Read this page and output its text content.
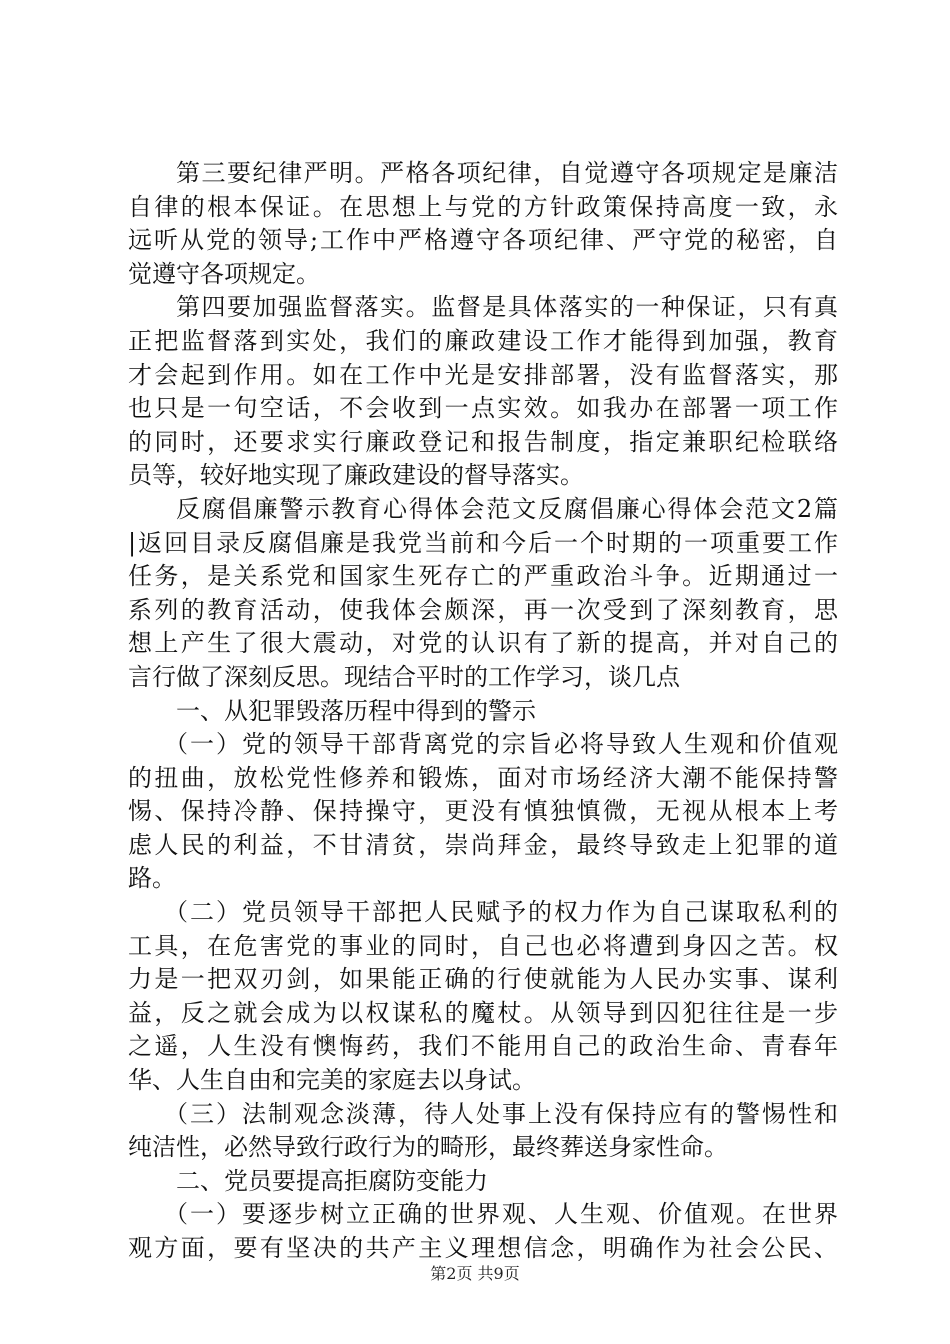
第三要纪律严明。严格各项纪律，自觉遵守各项规定是廉洁
自律的根本保证。在思想上与党的方针政策保持高度一致，永
远听从党的领导;工作中严格遵守各项纪律、严守党的秘密，自
觉遵守各项规定。
第四要加强监督落实。监督是具体落实的一种保证，只有真
正把监督落到实处，我们的廉政建设工作才能得到加强，教育
才会起到作用。如在工作中光是安排部署，没有监督落实，那
也只是一句空话，不会收到一点实效。如我办在部署一项工作
的同时，还要求实行廉政登记和报告制度，指定兼职纪检联络
员等，较好地实现了廉政建设的督导落实。
反腐倡廉警示教育心得体会范文反腐倡廉心得体会范文2篇
|返回目录反腐倡廉是我党当前和今后一个时期的一项重要工作
任务，是关系党和国家生死存亡的严重政治斗争。近期通过一
系列的教育活动，使我体会颇深，再一次受到了深刻教育，思
想上产生了很大震动，对党的认识有了新的提高，并对自己的
言行做了深刻反思。现结合平时的工作学习，谈几点
一、从犯罪毁落历程中得到的警示
（一）党的领导干部背离党的宗旨必将导致人生观和价值观
的扭曲，放松党性修养和锻炼，面对市场经济大潮不能保持警
惕、保持冷静、保持操守，更没有慎独慎微，无视从根本上考
虑人民的利益，不甘清贫，崇尚拜金，最终导致走上犯罪的道
路。
（二）党员领导干部把人民赋予的权力作为自己谋取私利的
工具，在危害党的事业的同时，自己也必将遭到身囚之苦。权
力是一把双刃剑，如果能正确的行使就能为人民办实事、谋利
益，反之就会成为以权谋私的魔杖。从领导到囚犯往往是一步
之遥，人生没有懊悔药，我们不能用自己的政治生命、青春年
华、人生自由和完美的家庭去以身试。
（三）法制观念淡薄，待人处事上没有保持应有的警惕性和
纯洁性，必然导致行政行为的畸形，最终葬送身家性命。
二、党员要提高拒腐防变能力
（一）要逐步树立正确的世界观、人生观、价值观。在世界
观方面，要有坚决的共产主义理想信念，明确作为社会公民、
第2页 共9页
